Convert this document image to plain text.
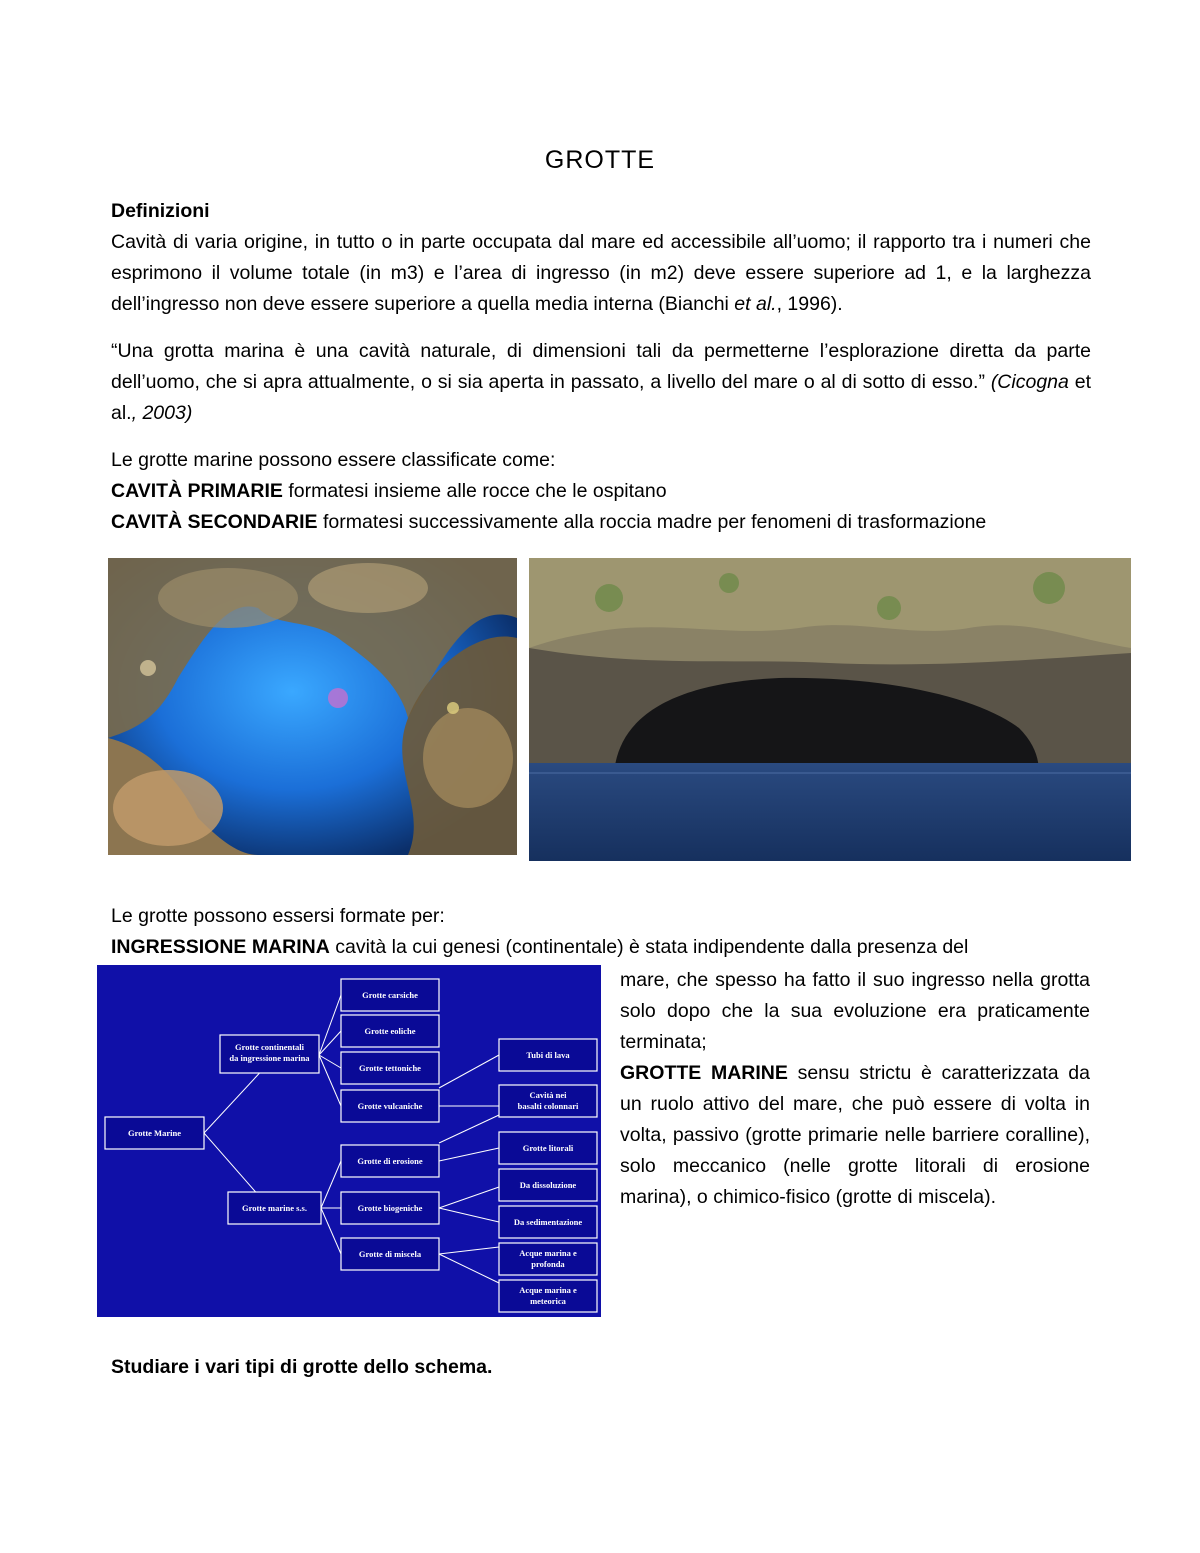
GROTTE
Definizioni
Cavità di varia origine, in tutto o in parte occupata dal mare ed accessibile all’uomo; il rapporto tra i numeri che esprimono il volume totale (in m3) e l’area di ingresso (in m2) deve essere superiore ad 1, e la larghezza dell’ingresso non deve essere superiore a quella media interna (Bianchi et al., 1996).
“Una grotta marina è una cavità naturale, di dimensioni tali da permetterne l’esplorazione diretta da parte dell’uomo, che si apra attualmente, o si sia aperta in passato, a livello del mare o al di sotto di esso.” (Cicogna et al., 2003)
Le grotte marine possono essere classificate come:
CAVITÀ PRIMARIE formatesi insieme alle rocce che le ospitano
CAVITÀ SECONDARIE formatesi successivamente alla roccia madre per fenomeni di trasformazione
Le grotte possono essersi formate per:
INGRESSIONE MARINA cavità la cui genesi (continentale) è stata indipendente dalla presenza del
Grotte Marine
Grotte continentali
da ingressione marina
Grotte marine s.s.
Grotte carsiche
Grotte eoliche
Grotte tettoniche
Grotte vulcaniche
Grotte di erosione
Grotte biogeniche
Grotte di miscela
Tubi di lava
Cavità nei
basalti colonnari
Grotte litorali
Da dissoluzione
Da sedimentazione
Acque marina e
profonda
Acque marina e
meteorica
mare, che spesso ha fatto il suo ingresso nella grotta solo dopo che la sua evoluzione era praticamente terminata;
GROTTE MARINE sensu strictu è caratterizzata da un ruolo attivo del mare, che può essere di volta in volta, passivo (grotte primarie nelle barriere coralline), solo meccanico (nelle grotte litorali di erosione marina), o chimico-fisico (grotte di miscela).
Studiare i vari tipi di grotte dello schema.
